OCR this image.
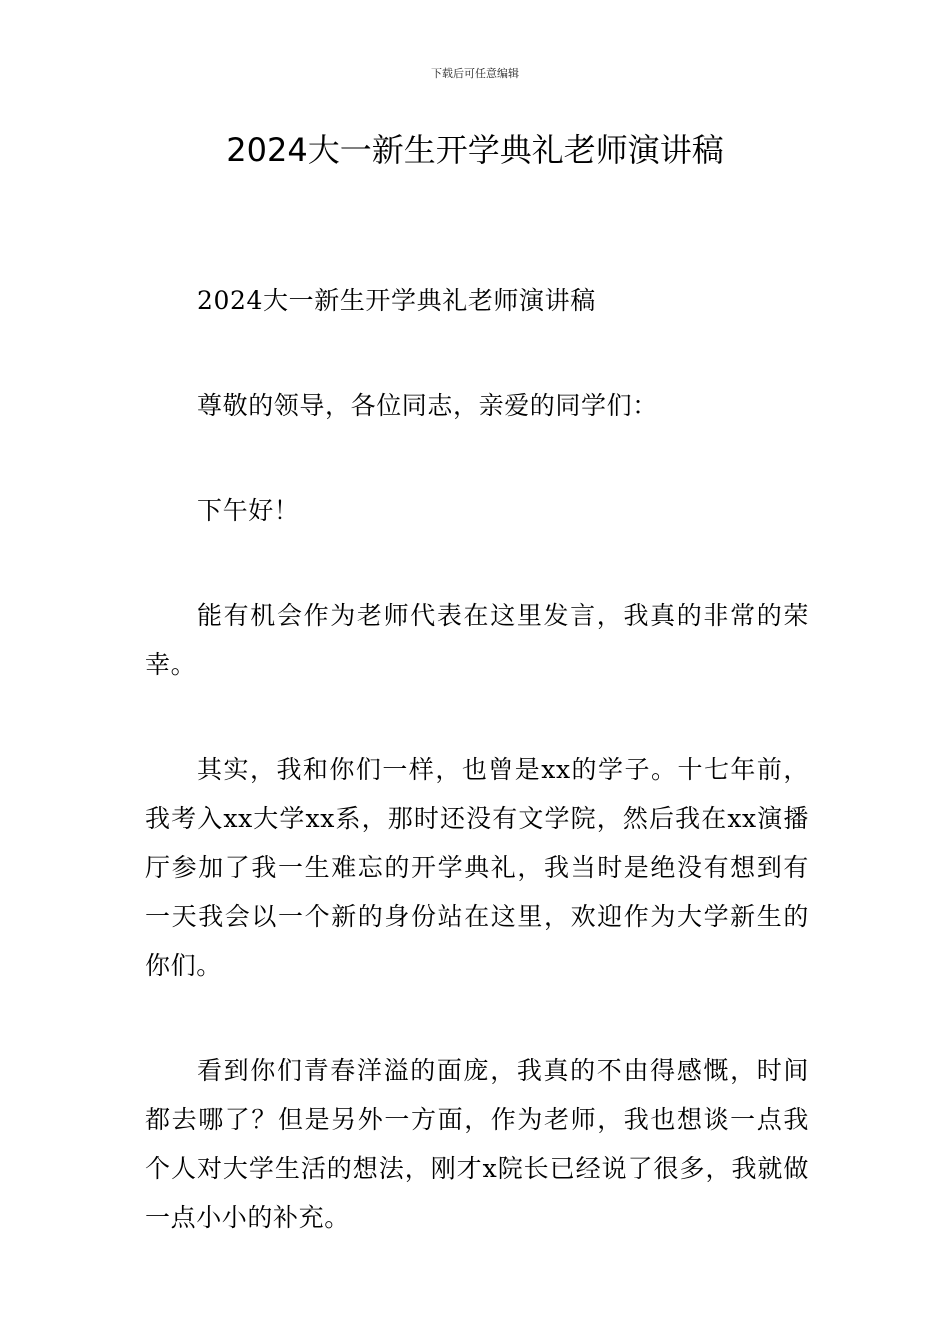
下载后可任意编辑
2024大一新生开学典礼老师演讲稿

2024大一新生开学典礼老师演讲稿

尊敬的领导，各位同志，亲爱的同学们：

下午好！

能有机会作为老师代表在这里发言，我真的非常的荣幸。

其实，我和你们一样，也曾是xx的学子。十七年前，我考入xx大学xx系，那时还没有文学院，然后我在xx演播厅参加了我一生难忘的开学典礼，我当时是绝没有想到有一天我会以一个新的身份站在这里，欢迎作为大学新生的你们。

看到你们青春洋溢的面庞，我真的不由得感慨，时间都去哪了？但是另外一方面，作为老师，我也想谈一点我个人对大学生活的想法，刚才x院长已经说了很多，我就做一点小小的补充。
